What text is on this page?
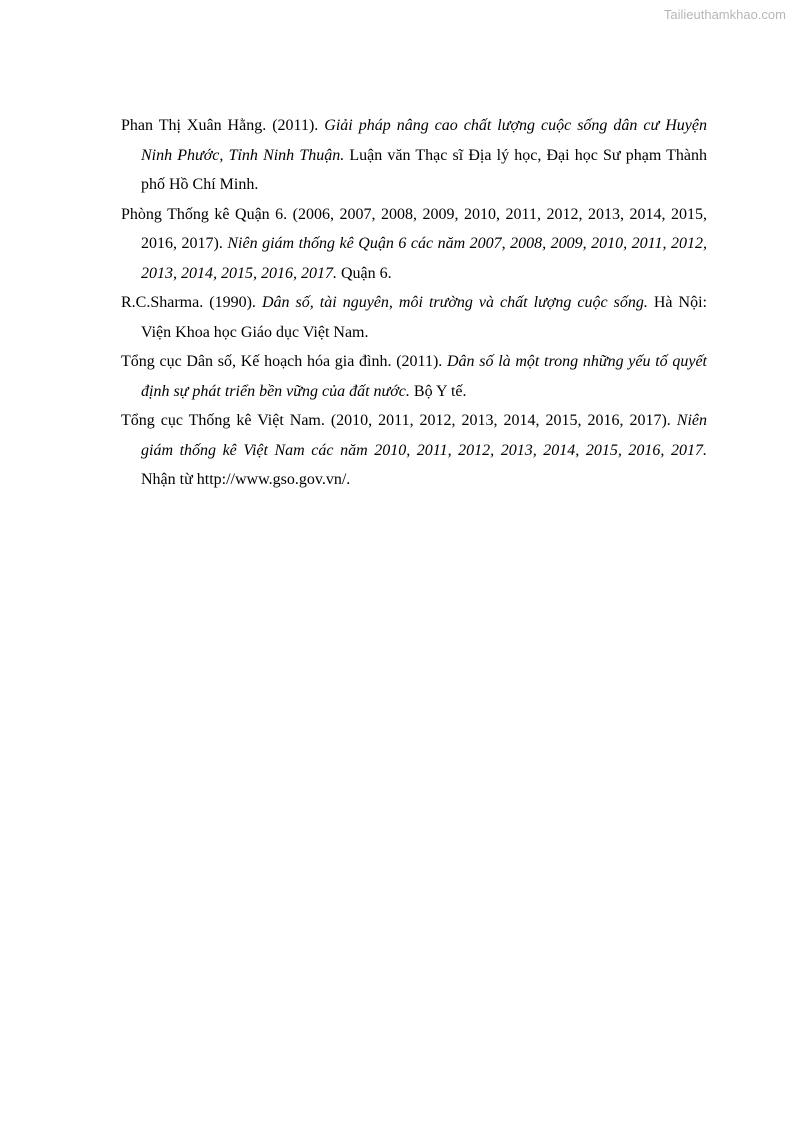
Tailieuthamkhao.com

Phan Thị Xuân Hằng. (2011). Giải pháp nâng cao chất lượng cuộc sống dân cư Huyện Ninh Phước, Tỉnh Ninh Thuận. Luận văn Thạc sĩ Địa lý học, Đại học Sư phạm Thành phố Hồ Chí Minh.

Phòng Thống kê Quận 6. (2006, 2007, 2008, 2009, 2010, 2011, 2012, 2013, 2014, 2015, 2016, 2017). Niên giám thống kê Quận 6 các năm 2007, 2008, 2009, 2010, 2011, 2012, 2013, 2014, 2015, 2016, 2017. Quận 6.

R.C.Sharma. (1990). Dân số, tài nguyên, môi trường và chất lượng cuộc sống. Hà Nội: Viện Khoa học Giáo dục Việt Nam.

Tổng cục Dân số, Kế hoạch hóa gia đình. (2011). Dân số là một trong những yếu tố quyết định sự phát triển bền vững của đất nước. Bộ Y tế.

Tổng cục Thống kê Việt Nam. (2010, 2011, 2012, 2013, 2014, 2015, 2016, 2017). Niên giám thống kê Việt Nam các năm 2010, 2011, 2012, 2013, 2014, 2015, 2016, 2017. Nhận từ http://www.gso.gov.vn/.
